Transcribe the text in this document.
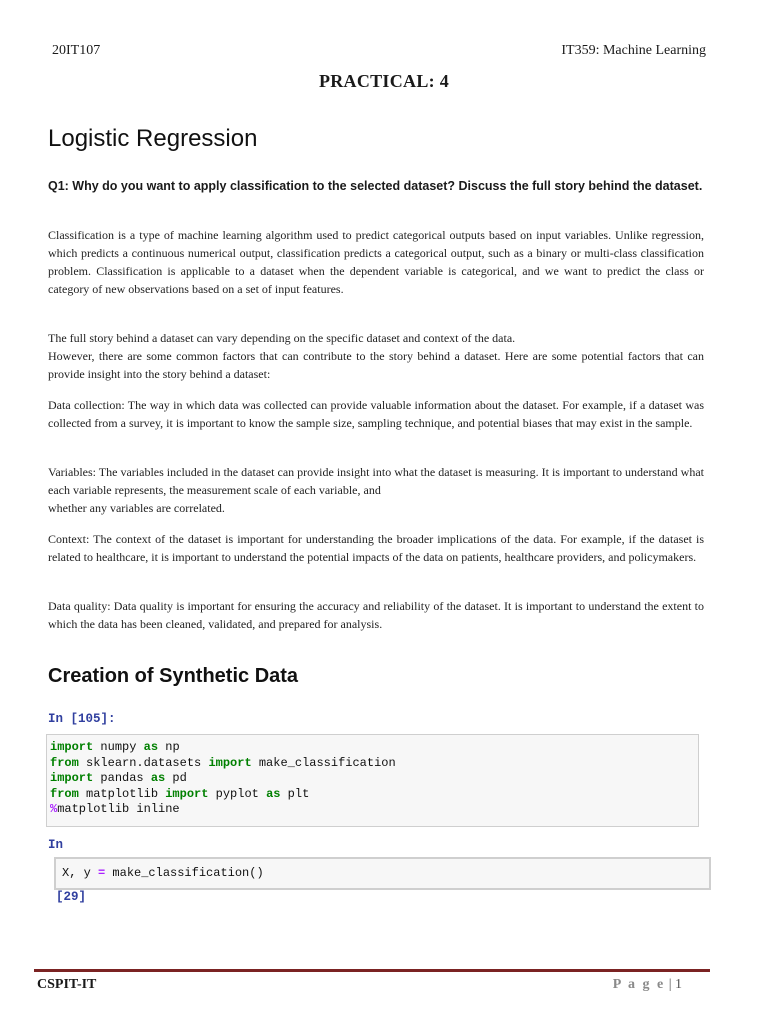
20IT107	IT359: Machine Learning
PRACTICAL: 4
Logistic Regression
Q1: Why do you want to apply classification to the selected dataset? Discuss the full story behind the dataset.
Classification is a type of machine learning algorithm used to predict categorical outputs based on input variables. Unlike regression, which predicts a continuous numerical output, classification predicts a categorical output, such as a binary or multi-class classification problem. Classification is applicable to a dataset when the dependent variable is categorical, and we want to predict the class or category of new observations based on a set of input features.
The full story behind a dataset can vary depending on the specific dataset and context of the data.
However, there are some common factors that can contribute to the story behind a dataset. Here are some potential factors that can provide insight into the story behind a dataset:
Data collection: The way in which data was collected can provide valuable information about the dataset. For example, if a dataset was collected from a survey, it is important to know the sample size, sampling technique, and potential biases that may exist in the sample.
Variables: The variables included in the dataset can provide insight into what the dataset is measuring. It is important to understand what each variable represents, the measurement scale of each variable, and
whether any variables are correlated.
Context: The context of the dataset is important for understanding the broader implications of the data. For example, if the dataset is related to healthcare, it is important to understand the potential impacts of the data on patients, healthcare providers, and policymakers.
Data quality: Data quality is important for ensuring the accuracy and reliability of the dataset. It is important to understand the extent to which the data has been cleaned, validated, and prepared for analysis.
Creation of Synthetic Data
In [105]:
import numpy as np
from sklearn.datasets import make_classification
import pandas as pd
from matplotlib import pyplot as plt
%matplotlib inline
In
X, y = make_classification()
[29]
CSPIT-IT	P a g e | 1
